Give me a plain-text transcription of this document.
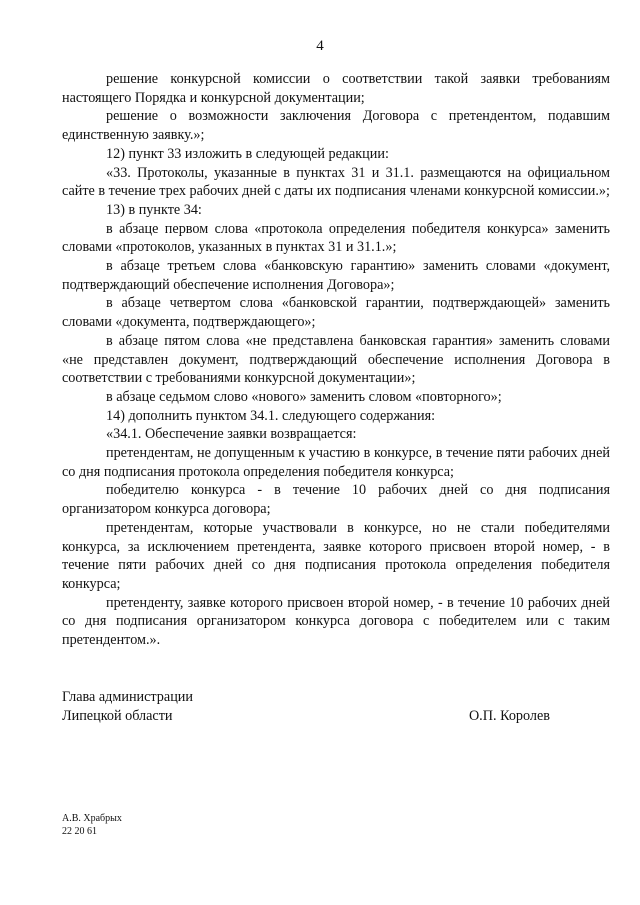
4

решение конкурсной комиссии о соответствии такой заявки требованиям настоящего Порядка и конкурсной документации;

решение о возможности заключения Договора с претендентом, подавшим единственную заявку.»;

12) пункт 33 изложить в следующей редакции:

«33. Протоколы, указанные в пунктах 31 и 31.1. размещаются на официальном сайте в течение трех рабочих дней с даты их подписания членами конкурсной комиссии.»;

13) в пункте 34:

в абзаце первом слова «протокола определения победителя конкурса» заменить словами «протоколов, указанных в пунктах 31 и 31.1.»;

в абзаце третьем слова «банковскую гарантию» заменить словами «документ, подтверждающий обеспечение исполнения Договора»;

в абзаце четвертом слова «банковской гарантии, подтверждающей» заменить словами «документа, подтверждающего»;

в абзаце пятом слова «не представлена банковская гарантия» заменить словами «не представлен документ, подтверждающий обеспечение исполнения Договора в соответствии с требованиями конкурсной документации»;

в абзаце седьмом слово «нового» заменить словом «повторного»;

14) дополнить пунктом 34.1. следующего содержания:

«34.1. Обеспечение заявки возвращается:

претендентам, не допущенным к участию в конкурсе, в течение пяти рабочих дней со дня подписания протокола определения победителя конкурса;

победителю конкурса - в течение 10 рабочих дней со дня подписания организатором конкурса договора;

претендентам, которые участвовали в конкурсе, но не стали победителями конкурса, за исключением претендента, заявке которого присвоен второй номер, - в течение пяти рабочих дней со дня подписания протокола определения победителя конкурса;

претенденту, заявке которого присвоен второй номер, - в течение 10 рабочих дней со дня подписания организатором конкурса договора с победителем или с таким претендентом.».

Глава администрации
Липецкой области	О.П. Королев
А.В. Храбрых
22 20 61
